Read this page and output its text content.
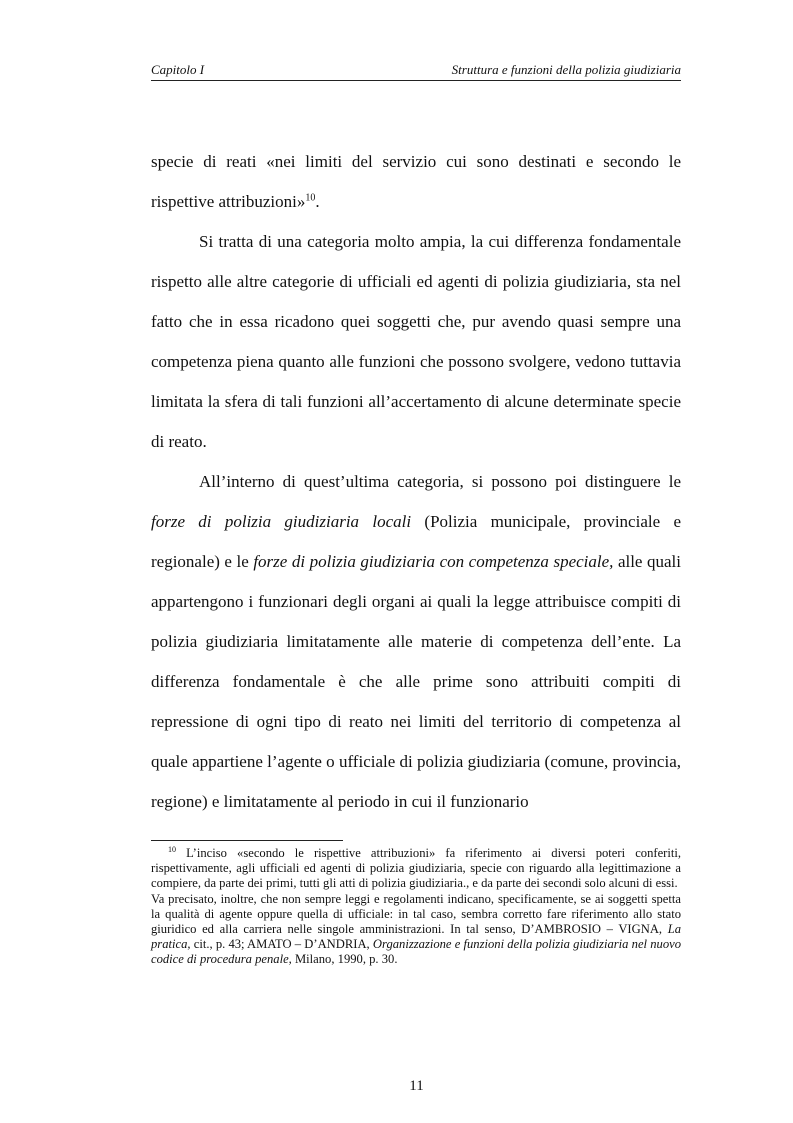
Capitolo I	Struttura e funzioni della polizia giudiziaria

specie di reati «nei limiti del servizio cui sono destinati e secondo le rispettive attribuzioni»$^{10}$.

Si tratta di una categoria molto ampia, la cui differenza fondamentale rispetto alle altre categorie di ufficiali ed agenti di polizia giudiziaria, sta nel fatto che in essa ricadono quei soggetti che, pur avendo quasi sempre una competenza piena quanto alle funzioni che possono svolgere, vedono tuttavia limitata la sfera di tali funzioni all’accertamento di alcune determinate specie di reato.

All’interno di quest’ultima categoria, si possono poi distinguere le forze di polizia giudiziaria locali (Polizia municipale, provinciale e regionale) e le forze di polizia giudiziaria con competenza speciale, alle quali appartengono i funzionari degli organi ai quali la legge attribuisce compiti di polizia giudiziaria limitatamente alle materie di competenza dell’ente. La differenza fondamentale è che alle prime sono attribuiti compiti di repressione di ogni tipo di reato nei limiti del territorio di competenza al quale appartiene l’agente o ufficiale di polizia giudiziaria (comune, provincia, regione) e limitatamente al periodo in cui il funzionario

$^{10}$ L’inciso «secondo le rispettive attribuzioni» fa riferimento ai diversi poteri conferiti, rispettivamente, agli ufficiali ed agenti di polizia giudiziaria, specie con riguardo alla legittimazione a compiere, da parte dei primi, tutti gli atti di polizia giudiziaria., e da parte dei secondi solo alcuni di essi.

Va precisato, inoltre, che non sempre leggi e regolamenti indicano, specificamente, se ai soggetti spetta la qualità di agente oppure quella di ufficiale: in tal caso, sembra corretto fare riferimento allo stato giuridico ed alla carriera nelle singole amministrazioni. In tal senso, D’AMBROSIO – VIGNA, La pratica, cit., p. 43; AMATO – D’ANDRIA, Organizzazione e funzioni della polizia giudiziaria nel nuovo codice di procedura penale, Milano, 1990, p. 30.

11
